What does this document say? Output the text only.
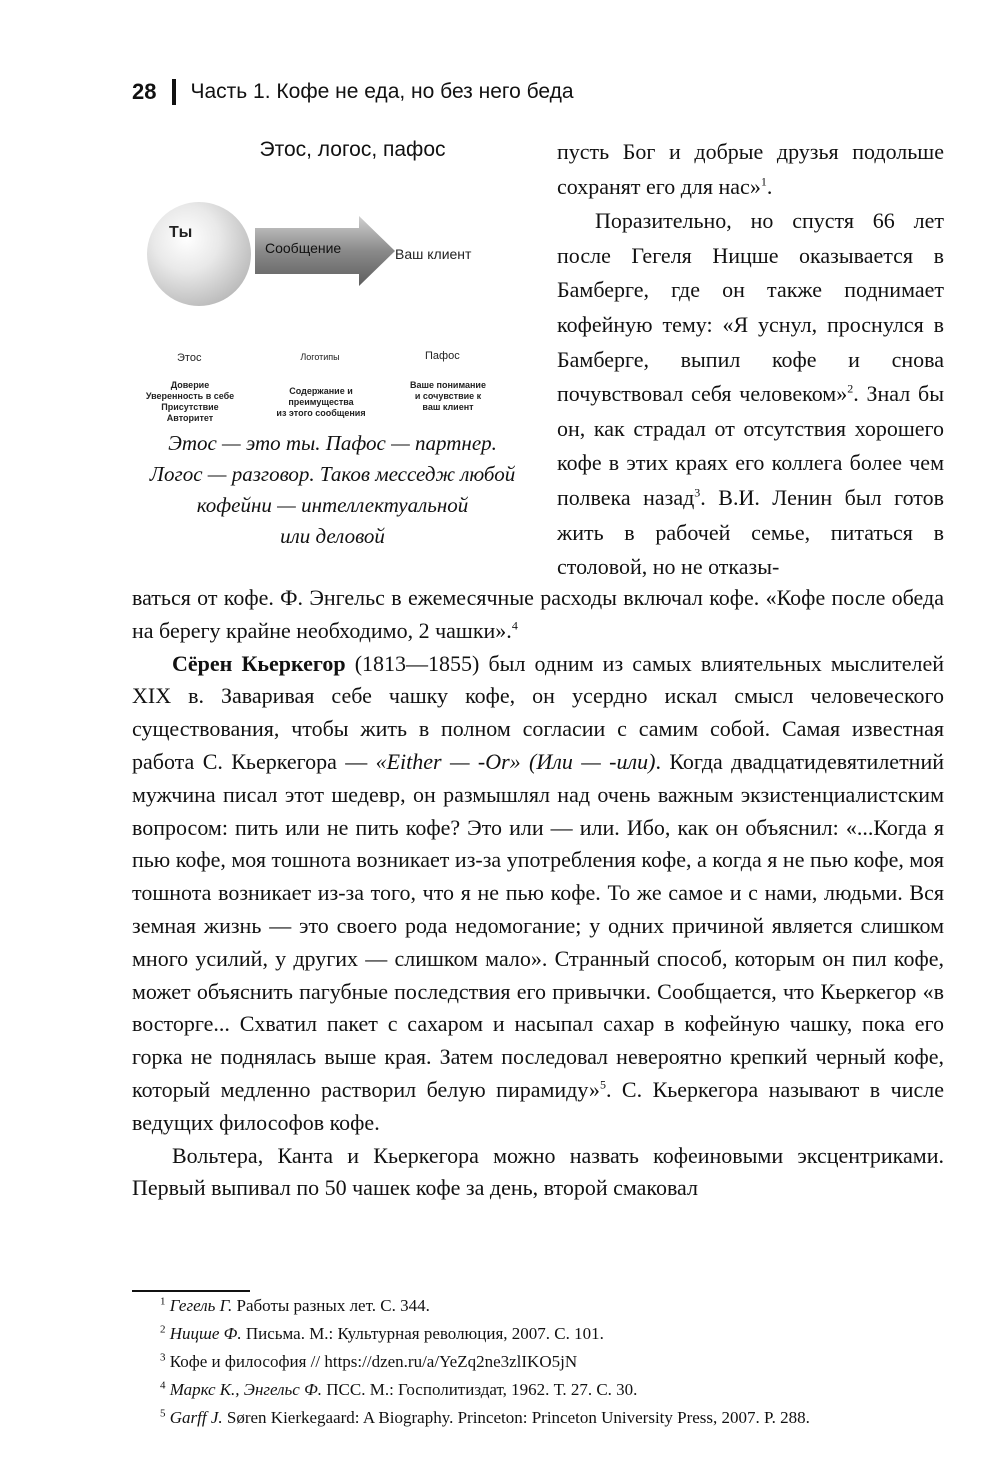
28 Часть 1. Кофе не еда, но без него беда
Этос, логос, пафос
Ты
Сообщение	Ваш клиент
Этос	Логотипы	Пафос
Доверие
Уверенность в себе
Присутствие
Авторитет
Содержание и преимущества
из этого сообщения
Ваше понимание
и сочувствие к
ваш клиент
Этос — это ты. Пафос — партнер.
Логос — разговор. Таков месседж любой
кофейни — интеллектуальной
или деловой

пусть Бог и добрые друзья подольше сохранят его для нас»$^1$.

Поразительно, но спустя 66 лет после Гегеля Ницше оказывается в Бамберге, где он также поднимает кофейную тему: «Я уснул, проснулся в Бамберге, выпил кофе и снова почувствовал себя человеком»$^2$. Знал бы он, как страдал от отсутствия хорошего кофе в этих краях его коллега более чем полвека назад$^3$. В.И. Ленин был готов жить в рабочей семье, питаться в столовой, но не отказы-

ваться от кофе. Ф. Энгельс в ежемесячные расходы включал кофе. «Кофе после обеда на берегу крайне необходимо, 2 чашки».$^4$

Сёрен Кьеркегор (1813—1855) был одним из самых влиятельных мыслителей XIX в. Заваривая себе чашку кофе, он усердно искал смысл человеческого существования, чтобы жить в полном согласии с самим собой. Самая известная работа С. Кьеркегора — «Either — -Or» (Или — -или). Когда двадцатидевятилетний мужчина писал этот шедевр, он размышлял над очень важным экзистенциалистским вопросом: пить или не пить кофе? Это или — или. Ибо, как он объяснил: «...Когда я пью кофе, моя тошнота возникает из-за употребления кофе, а когда я не пью кофе, моя тошнота возникает из-за того, что я не пью кофе. То же самое и с нами, людьми. Вся земная жизнь — это своего рода недомогание; у одних причиной является слишком много усилий, у других — слишком мало». Странный способ, которым он пил кофе, может объяснить пагубные последствия его привычки. Сообщается, что Кьеркегор «в восторге... Схватил пакет с сахаром и насыпал сахар в кофейную чашку, пока его горка не поднялась выше края. Затем последовал невероятно крепкий черный кофе, который медленно растворил белую пирамиду»$^5$. С. Кьеркегора называют в числе ведущих философов кофе.

Вольтера, Канта и Кьеркегора можно назвать кофеиновыми эксцентриками. Первый выпивал по 50 чашек кофе за день, второй смаковал

$^1$ Гегель Г. Работы разных лет. С. 344.
$^2$ Ницше Ф. Письма. М.: Культурная революция, 2007. С. 101.
$^3$ Кофе и философия // https://dzen.ru/a/YeZq2ne3zlIKO5jN
$^4$ Маркс К., Энгельс Ф. ПСС. М.: Госполитиздат, 1962. Т. 27. С. 30.
$^5$ Garff J. Søren Kierkegaard: A Biography. Princeton: Princeton University Press, 2007. P. 288.
